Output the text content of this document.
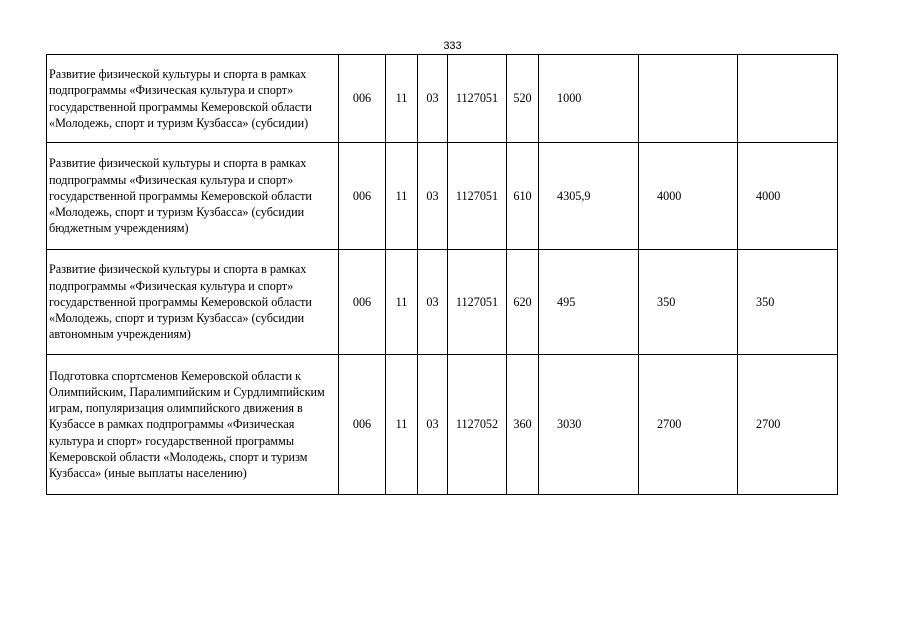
333
Развитие физической культуры и спорта в рамках подпрограммы «Физическая культура и спорт» государственной программы Кемеровской области «Молодежь, спорт и туризм Кузбасса» (субсидии)	006	11	03	1127051	520	1000		
Развитие физической культуры и спорта в рамках подпрограммы «Физическая культура и спорт» государственной программы Кемеровской области «Молодежь, спорт и туризм Кузбасса» (субсидии бюджетным учреждениям)	006	11	03	1127051	610	4305,9	4000	4000
Развитие физической культуры и спорта в рамках подпрограммы «Физическая культура и спорт» государственной программы Кемеровской области «Молодежь, спорт и туризм Кузбасса» (субсидии автономным учреждениям)	006	11	03	1127051	620	495	350	350
Подготовка спортсменов Кемеровской области к Олимпийским, Паралимпийским и Сурдлимпийским играм, популяризация олимпийского движения в Кузбассе в рамках подпрограммы «Физическая культура и спорт» государственной программы Кемеровской области «Молодежь, спорт и туризм Кузбасса» (иные выплаты населению)	006	11	03	1127052	360	3030	2700	2700
